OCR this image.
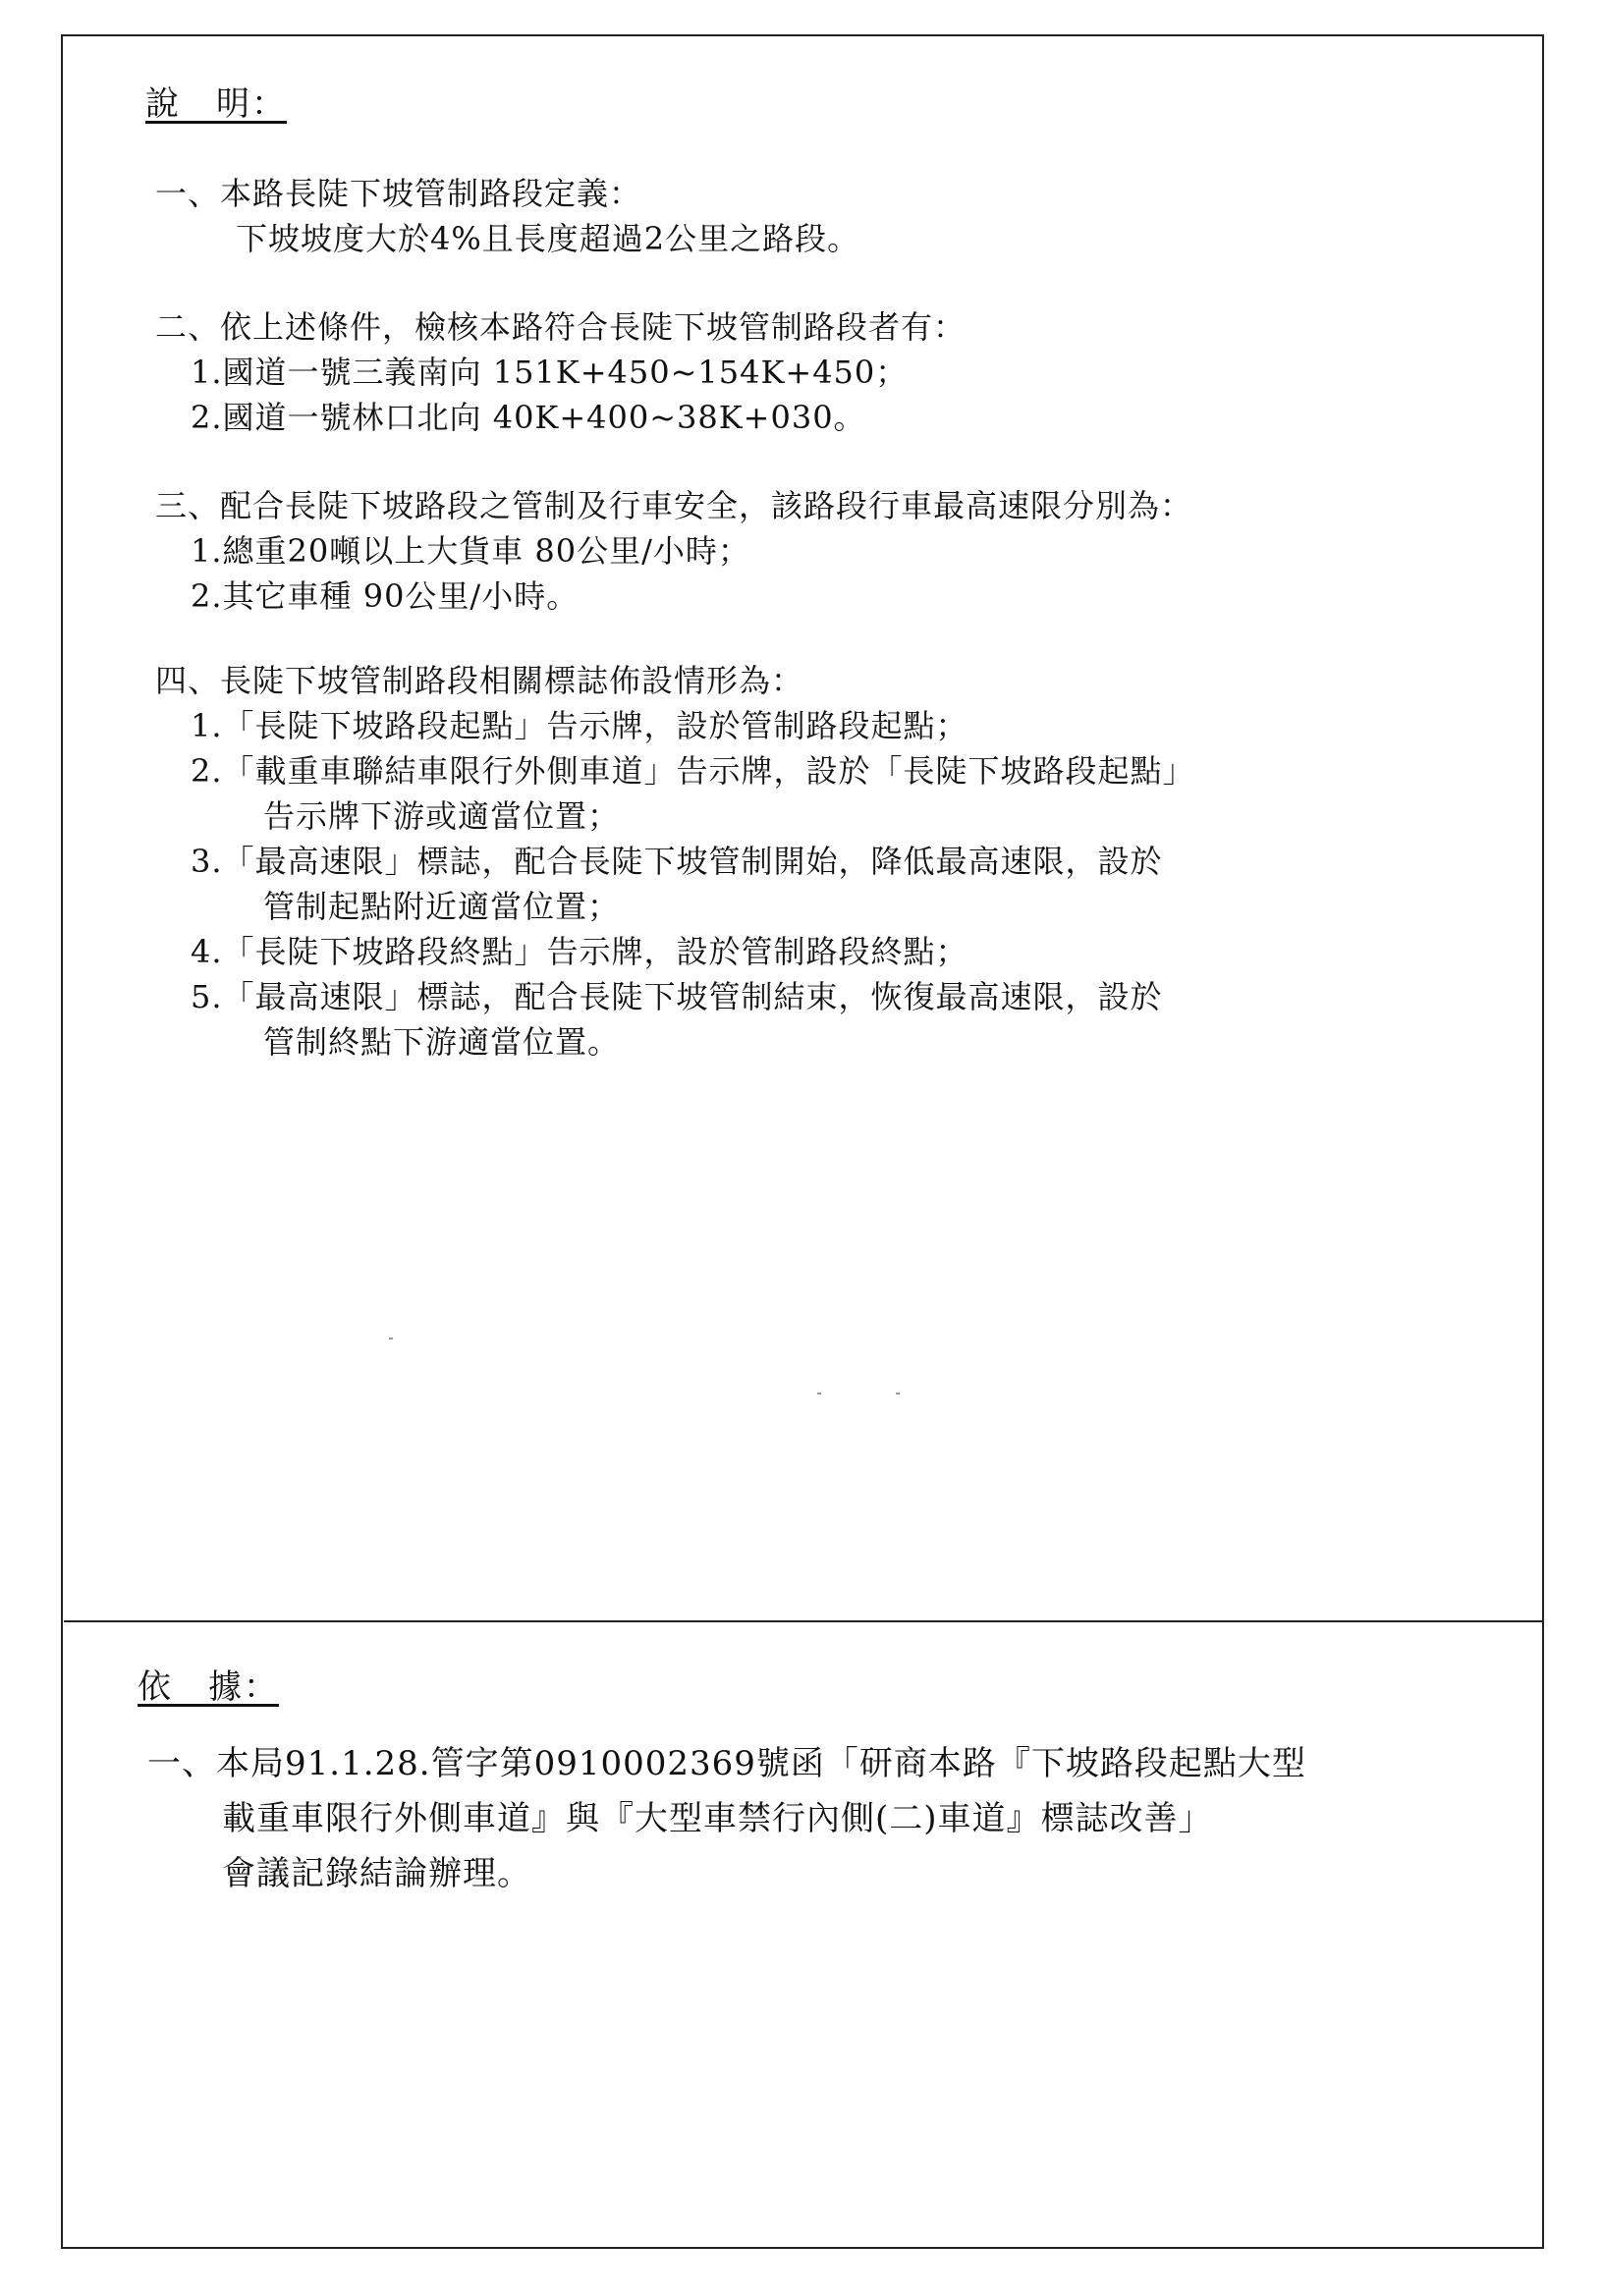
說　明：
一、本路長陡下坡管制路段定義：
下坡坡度大於4%且長度超過2公里之路段。
二、依上述條件，檢核本路符合長陡下坡管制路段者有：
1.國道一號三義南向 151K+450~154K+450；
2.國道一號林口北向 40K+400~38K+030。
三、配合長陡下坡路段之管制及行車安全，該路段行車最高速限分別為：
1.總重20噸以上大貨車 80公里/小時；
2.其它車種 90公里/小時。
四、長陡下坡管制路段相關標誌佈設情形為：
1.「長陡下坡路段起點」告示牌，設於管制路段起點；
2.「載重車聯結車限行外側車道」告示牌，設於「長陡下坡路段起點」
告示牌下游或適當位置；
3.「最高速限」標誌，配合長陡下坡管制開始，降低最高速限，設於
管制起點附近適當位置；
4.「長陡下坡路段終點」告示牌，設於管制路段終點；
5.「最高速限」標誌，配合長陡下坡管制結束，恢復最高速限，設於
管制終點下游適當位置。
依　據：
一、本局91.1.28.管字第0910002369號函「研商本路『下坡路段起點大型
載重車限行外側車道』與『大型車禁行內側(二)車道』標誌改善」
會議記錄結論辦理。
